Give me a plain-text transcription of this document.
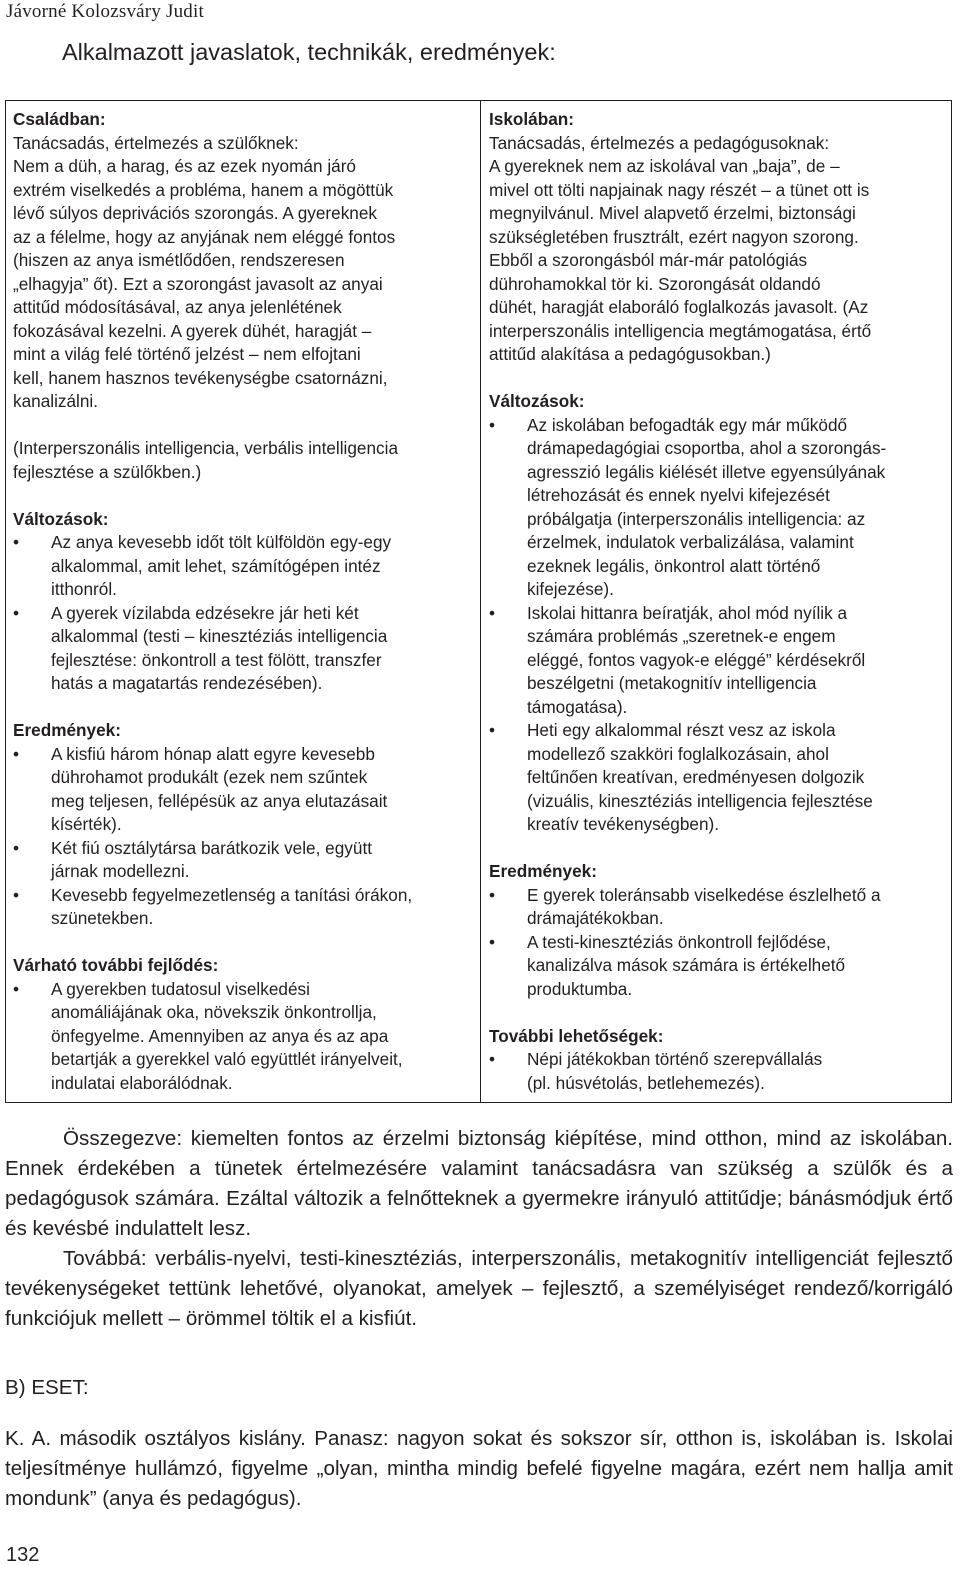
Jávorné Kolozsváry Judit
Alkalmazott javaslatok, technikák, eredmények:
Családban:
Tanácsadás, értelmezés a szülőknek:
Nem a düh, a harag, és az ezek nyomán járó
extrém viselkedés a probléma, hanem a mögöttük
lévő súlyos deprivációs szorongás. A gyereknek
az a félelme, hogy az anyjának nem eléggé fontos
(hiszen az anya ismétlődően, rendszeresen
„elhagyja” őt). Ezt a szorongást javasolt az anyai
attitűd módosításával, az anya jelenlétének
fokozásával kezelni. A gyerek dühét, haragját –
mint a világ felé történő jelzést – nem elfojtani
kell, hanem hasznos tevékenységbe csatornázni,
kanalizálni.
(Interperszonális intelligencia, verbális intelligencia
fejlesztése a szülőkben.)
Változások:
•	Az anya kevesebb időt tölt külföldön egy-egy
alkalommal, amit lehet, számítógépen intéz
itthonról.
•	A gyerek vízilabda edzésekre jár heti két
alkalommal (testi – kinesztéziás intelligencia
fejlesztése: önkontroll a test fölött, transzfer
hatás a magatartás rendezésében).
Eredmények:
•	A kisfiú három hónap alatt egyre kevesebb
dührohamot produkált (ezek nem szűntek
meg teljesen, fellépésük az anya elutazásait
kísérték).
•	Két fiú osztálytársa barátkozik vele, együtt
járnak modellezni.
•	Kevesebb fegyelmezetlenség a tanítási órákon,
szünetekben.
Várható további fejlődés:
•	A gyerekben tudatosul viselkedési
anomáliájának oka, növekszik önkontrollja,
önfegyelme. Amennyiben az anya és az apa
betartják a gyerekkel való együttlét irányelveit,
indulatai elaborálódnak.
Iskolában:
Tanácsadás, értelmezés a pedagógusoknak:
A gyereknek nem az iskolával van „baja”, de –
mivel ott tölti napjainak nagy részét – a tünet ott is
megnyilvánul. Mivel alapvető érzelmi, biztonsági
szükségletében frusztrált, ezért nagyon szorong.
Ebből a szorongásból már-már patológiás
dührohamokkal tör ki. Szorongását oldandó
dühét, haragját elaboráló foglalkozás javasolt. (Az
interperszonális intelligencia megtámogatása, értő
attitűd alakítása a pedagógusokban.)
Változások:
•	Az iskolában befogadták egy már működő
drámapedagógiai csoportba, ahol a szorongás-
agresszió legális kiélését illetve egyensúlyának
létrehozását és ennek nyelvi kifejezését
próbálgatja (interperszonális intelligencia: az
érzelmek, indulatok verbalizálása, valamint
ezeknek legális, önkontrol alatt történő
kifejezése).
•	Iskolai hittanra beíratják, ahol mód nyílik a
számára problémás „szeretnek-e engem
eléggé, fontos vagyok-e eléggé” kérdésekről
beszélgetni (metakognitív intelligencia
támogatása).
•	Heti egy alkalommal részt vesz az iskola
modellező szakköri foglalkozásain, ahol
feltűnően kreatívan, eredményesen dolgozik
(vizuális, kinesztéziás intelligencia fejlesztése
kreatív tevékenységben).
Eredmények:
•	E gyerek toleránsabb viselkedése észlelhető a
drámajátékokban.
•	A testi-kinesztéziás önkontroll fejlődése,
kanalizálva mások számára is értékelhető
produktumba.
További lehetőségek:
•	Népi játékokban történő szerepvállalás
(pl. húsvétolás, betlehemezés).
Összegezve: kiemelten fontos az érzelmi biztonság kiépítése, mind otthon, mind az iskolában. Ennek érdekében a tünetek értelmezésére valamint tanácsadásra van szükség a szülők és a pedagógusok számára. Ezáltal változik a felnőtteknek a gyermekre irányuló attitűdje; bánásmódjuk értő és kevésbé indulattelt lesz.
Továbbá: verbális-nyelvi, testi-kinesztéziás, interperszonális, metakognitív intelligenciát fejlesztő tevékenységeket tettünk lehetővé, olyanokat, amelyek – fejlesztő, a személyiséget rendező/korrigáló funkciójuk mellett – örömmel töltik el a kisfiút.
B) ESET:
K. A. második osztályos kislány. Panasz: nagyon sokat és sokszor sír, otthon is, iskolában is. Iskolai teljesítménye hullámzó, figyelme „olyan, mintha mindig befelé figyelne magára, ezért nem hallja amit mondunk” (anya és pedagógus).
132
